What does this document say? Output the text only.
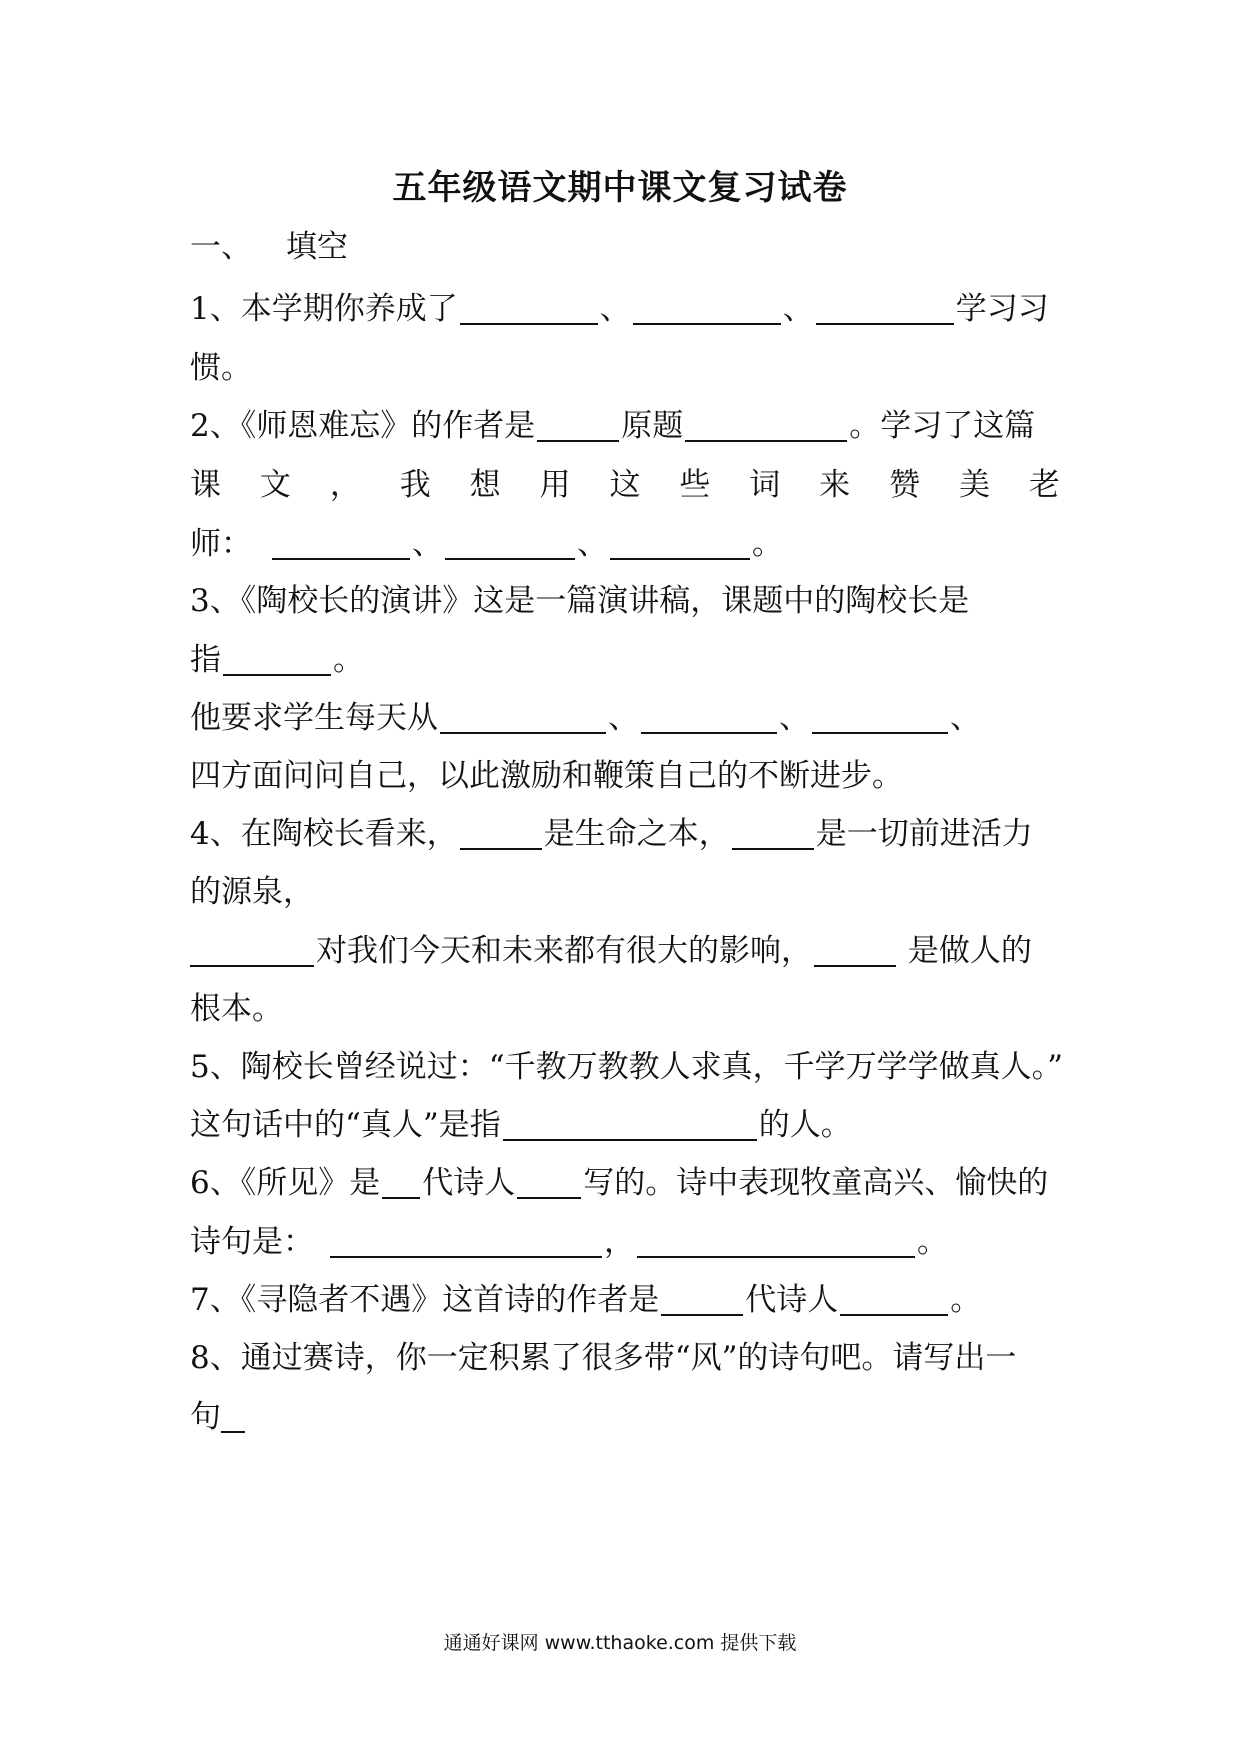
五年级语文期中课文复习试卷
一、 填空
1、本学期你养成了	、	、	学习习
惯。
2、《师恩难忘》的作者是	原题	。学习了这篇
课 文 ， 我 想 用 这 些 词 来 赞 美 老
师：	、	、	。
3、《陶校长的演讲》这是一篇演讲稿，课题中的陶校长是
指	。
他要求学生每天从	、	、	、
四方面问问自己，以此激励和鞭策自己的不断进步。
4、在陶校长看来，	是生命之本，	是一切前进活力
的源泉，
对我们今天和未来都有很大的影响，	是做人的
根本。
5、陶校长曾经说过：“千教万教教人求真，千学万学学做真人。”
这句话中的“真人”是指	的人。
6、《所见》是 代诗人 写的。诗中表现牧童高兴、愉快的
诗句是：	，	。
7、《寻隐者不遇》这首诗的作者是	代诗人	。
8、通过赛诗，你一定积累了很多带“风”的诗句吧。请写出一
句
通通好课网 www.tthaoke.com 提供下载
